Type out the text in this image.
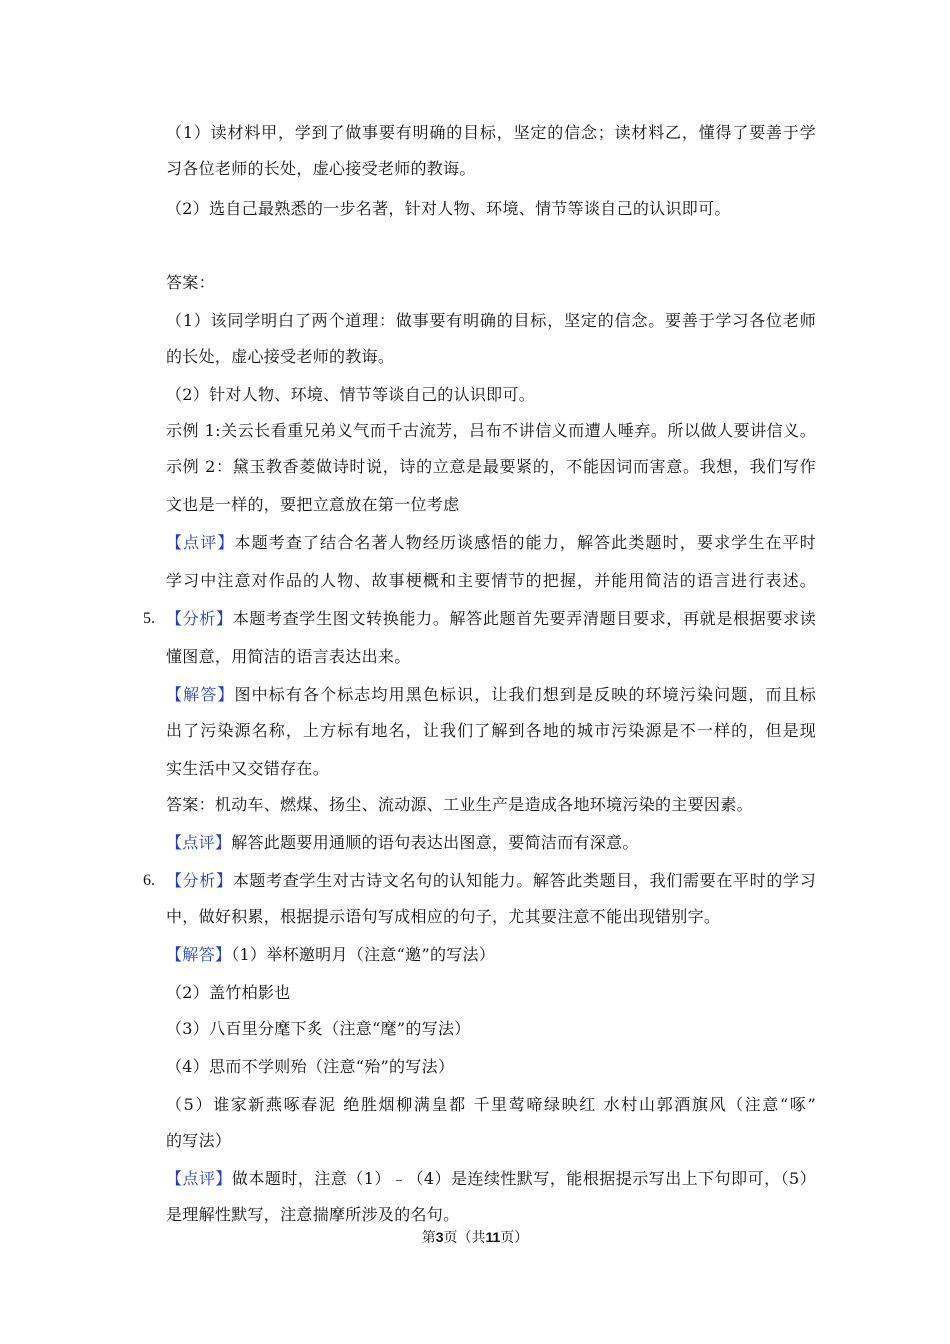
（1）读材料甲，学到了做事要有明确的目标，坚定的信念；读材料乙，懂得了要善于学
习各位老师的长处，虚心接受老师的教诲。
（2）选自己最熟悉的一步名著，针对人物、环境、情节等谈自己的认识即可。
答案：
（1）该同学明白了两个道理：做事要有明确的目标，坚定的信念。要善于学习各位老师
的长处，虚心接受老师的教诲。
（2）针对人物、环境、情节等谈自己的认识即可。
示例 1:关云长看重兄弟义气而千古流芳，吕布不讲信义而遭人唾弃。所以做人要讲信义。
示例 2：黛玉教香菱做诗时说，诗的立意是最要紧的，不能因词而害意。我想，我们写作
文也是一样的，要把立意放在第一位考虑
【点评】本题考查了结合名著人物经历谈感悟的能力，解答此类题时，要求学生在平时
学习中注意对作品的人物、故事梗概和主要情节的把握，并能用简洁的语言进行表述。
5. 【分析】本题考查学生图文转换能力。解答此题首先要弄清题目要求，再就是根据要求读
懂图意，用简洁的语言表达出来。
【解答】图中标有各个标志均用黑色标识，让我们想到是反映的环境污染问题，而且标
出了污染源名称，上方标有地名，让我们了解到各地的城市污染源是不一样的，但是现
实生活中又交错存在。
答案：机动车、燃煤、扬尘、流动源、工业生产是造成各地环境污染的主要因素。
【点评】解答此题要用通顺的语句表达出图意，要简洁而有深意。
6. 【分析】本题考查学生对古诗文名句的认知能力。解答此类题目，我们需要在平时的学习
中，做好积累，根据提示语句写成相应的句子，尤其要注意不能出现错别字。
【解答】（1）举杯邀明月（注意“邀”的写法）
（2）盖竹柏影也
（3）八百里分麾下炙（注意“麾”的写法）
（4）思而不学则殆（注意“殆”的写法）
（5）谁家新燕啄春泥 绝胜烟柳满皇都 千里莺啼绿映红 水村山郭酒旗风（注意“啄”
的写法）
【点评】做本题时，注意（1）﹣（4）是连续性默写，能根据提示写出上下句即可，（5）
是理解性默写，注意揣摩所涉及的名句。
第3页（共11页）
